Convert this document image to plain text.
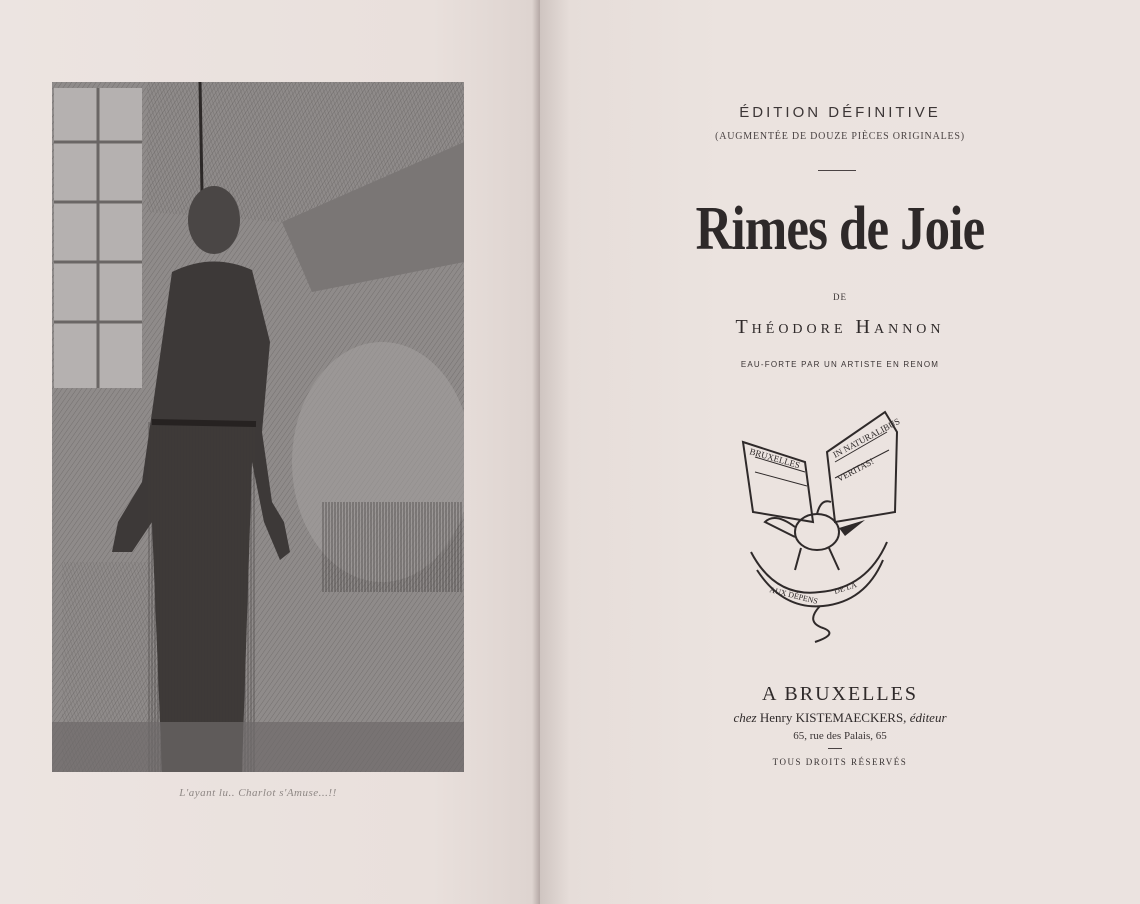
L'ayant lu.. Charlot s'Amuse...!!
ÉDITION DÉFINITIVE
(AUGMENTÉE DE DOUZE PIÈCES ORIGINALES)
Rimes de Joie
DE
Théodore Hannon
EAU-FORTE PAR UN ARTISTE EN RENOM
BRUXELLES	IN NATURALIBUS
VERITAS!
AUX DÉPENS DE LA
A BRUXELLES
chez Henry KISTEMAECKERS, éditeur
65, rue des Palais, 65
TOUS DROITS RÉSERVÉS
